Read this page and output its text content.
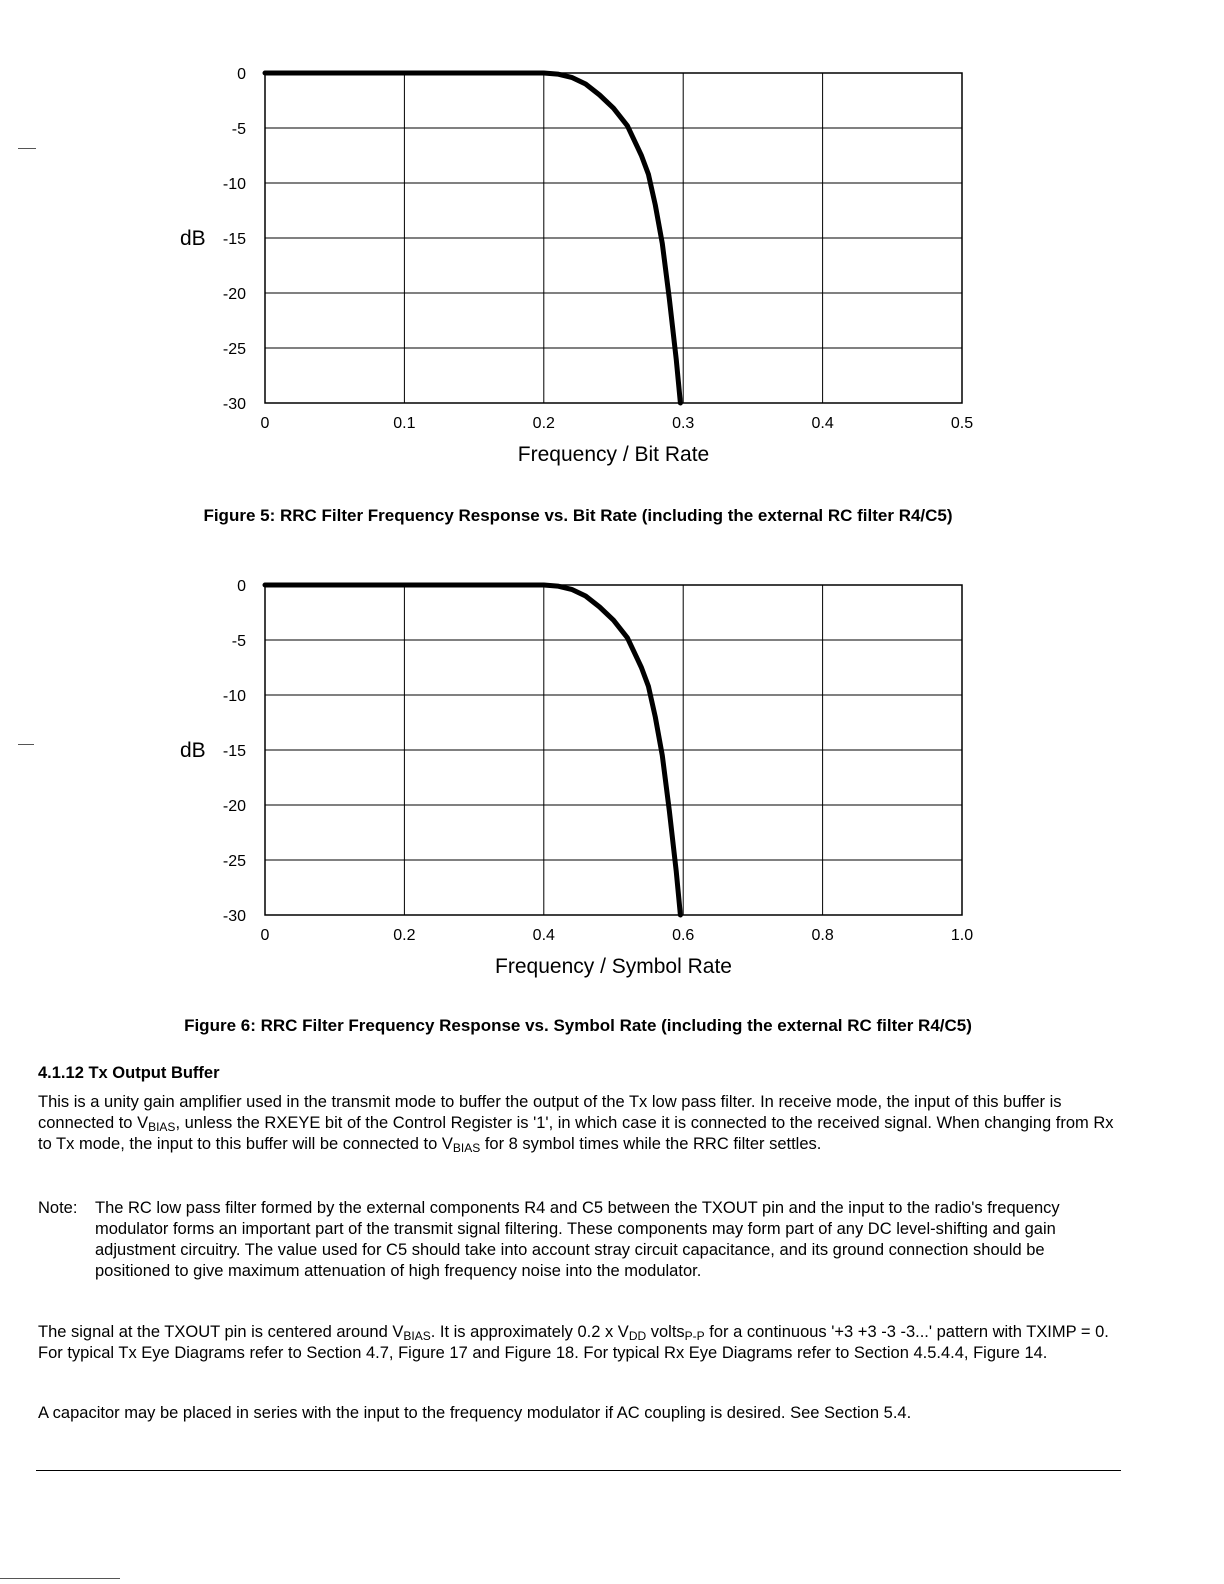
0
-5
-10
-15
-20
-25
-30
0	0.1	0.2	0.3	0.4	0.5
dB
Frequency / Bit Rate
Figure 5: RRC Filter Frequency Response vs. Bit Rate (including the external RC filter R4/C5)
0
-5
-10
-15
-20
-25
-30
0	0.2	0.4	0.6	0.8	1.0
dB
Frequency / Symbol Rate
Figure 6: RRC Filter Frequency Response vs. Symbol Rate (including the external RC filter R4/C5)
4.1.12 Tx Output Buffer

This is a unity gain amplifier used in the transmit mode to buffer the output of the Tx low pass filter. In receive mode, the input of this buffer is connected to $V_{BIAS}$, unless the RXEYE bit of the Control Register is '1', in which case it is connected to the received signal. When changing from Rx to Tx mode, the input to this buffer will be connected to $V_{BIAS}$ for 8 symbol times while the RRC filter settles.

Note: The RC low pass filter formed by the external components R4 and C5 between the TXOUT pin and the input to the radio's frequency modulator forms an important part of the transmit signal filtering. These components may form part of any DC level-shifting and gain adjustment circuitry. The value used for C5 should take into account stray circuit capacitance, and its ground connection should be positioned to give maximum attenuation of high frequency noise into the modulator.

The signal at the TXOUT pin is centered around $V_{BIAS}$. It is approximately 0.2 x $V_{DD}$ volts$_{P-P}$ for a continuous '+3 +3 -3 -3...' pattern with TXIMP = 0. For typical Tx Eye Diagrams refer to Section 4.7, Figure 17 and Figure 18. For typical Rx Eye Diagrams refer to Section 4.5.4.4, Figure 14.

A capacitor may be placed in series with the input to the frequency modulator if AC coupling is desired. See Section 5.4.
